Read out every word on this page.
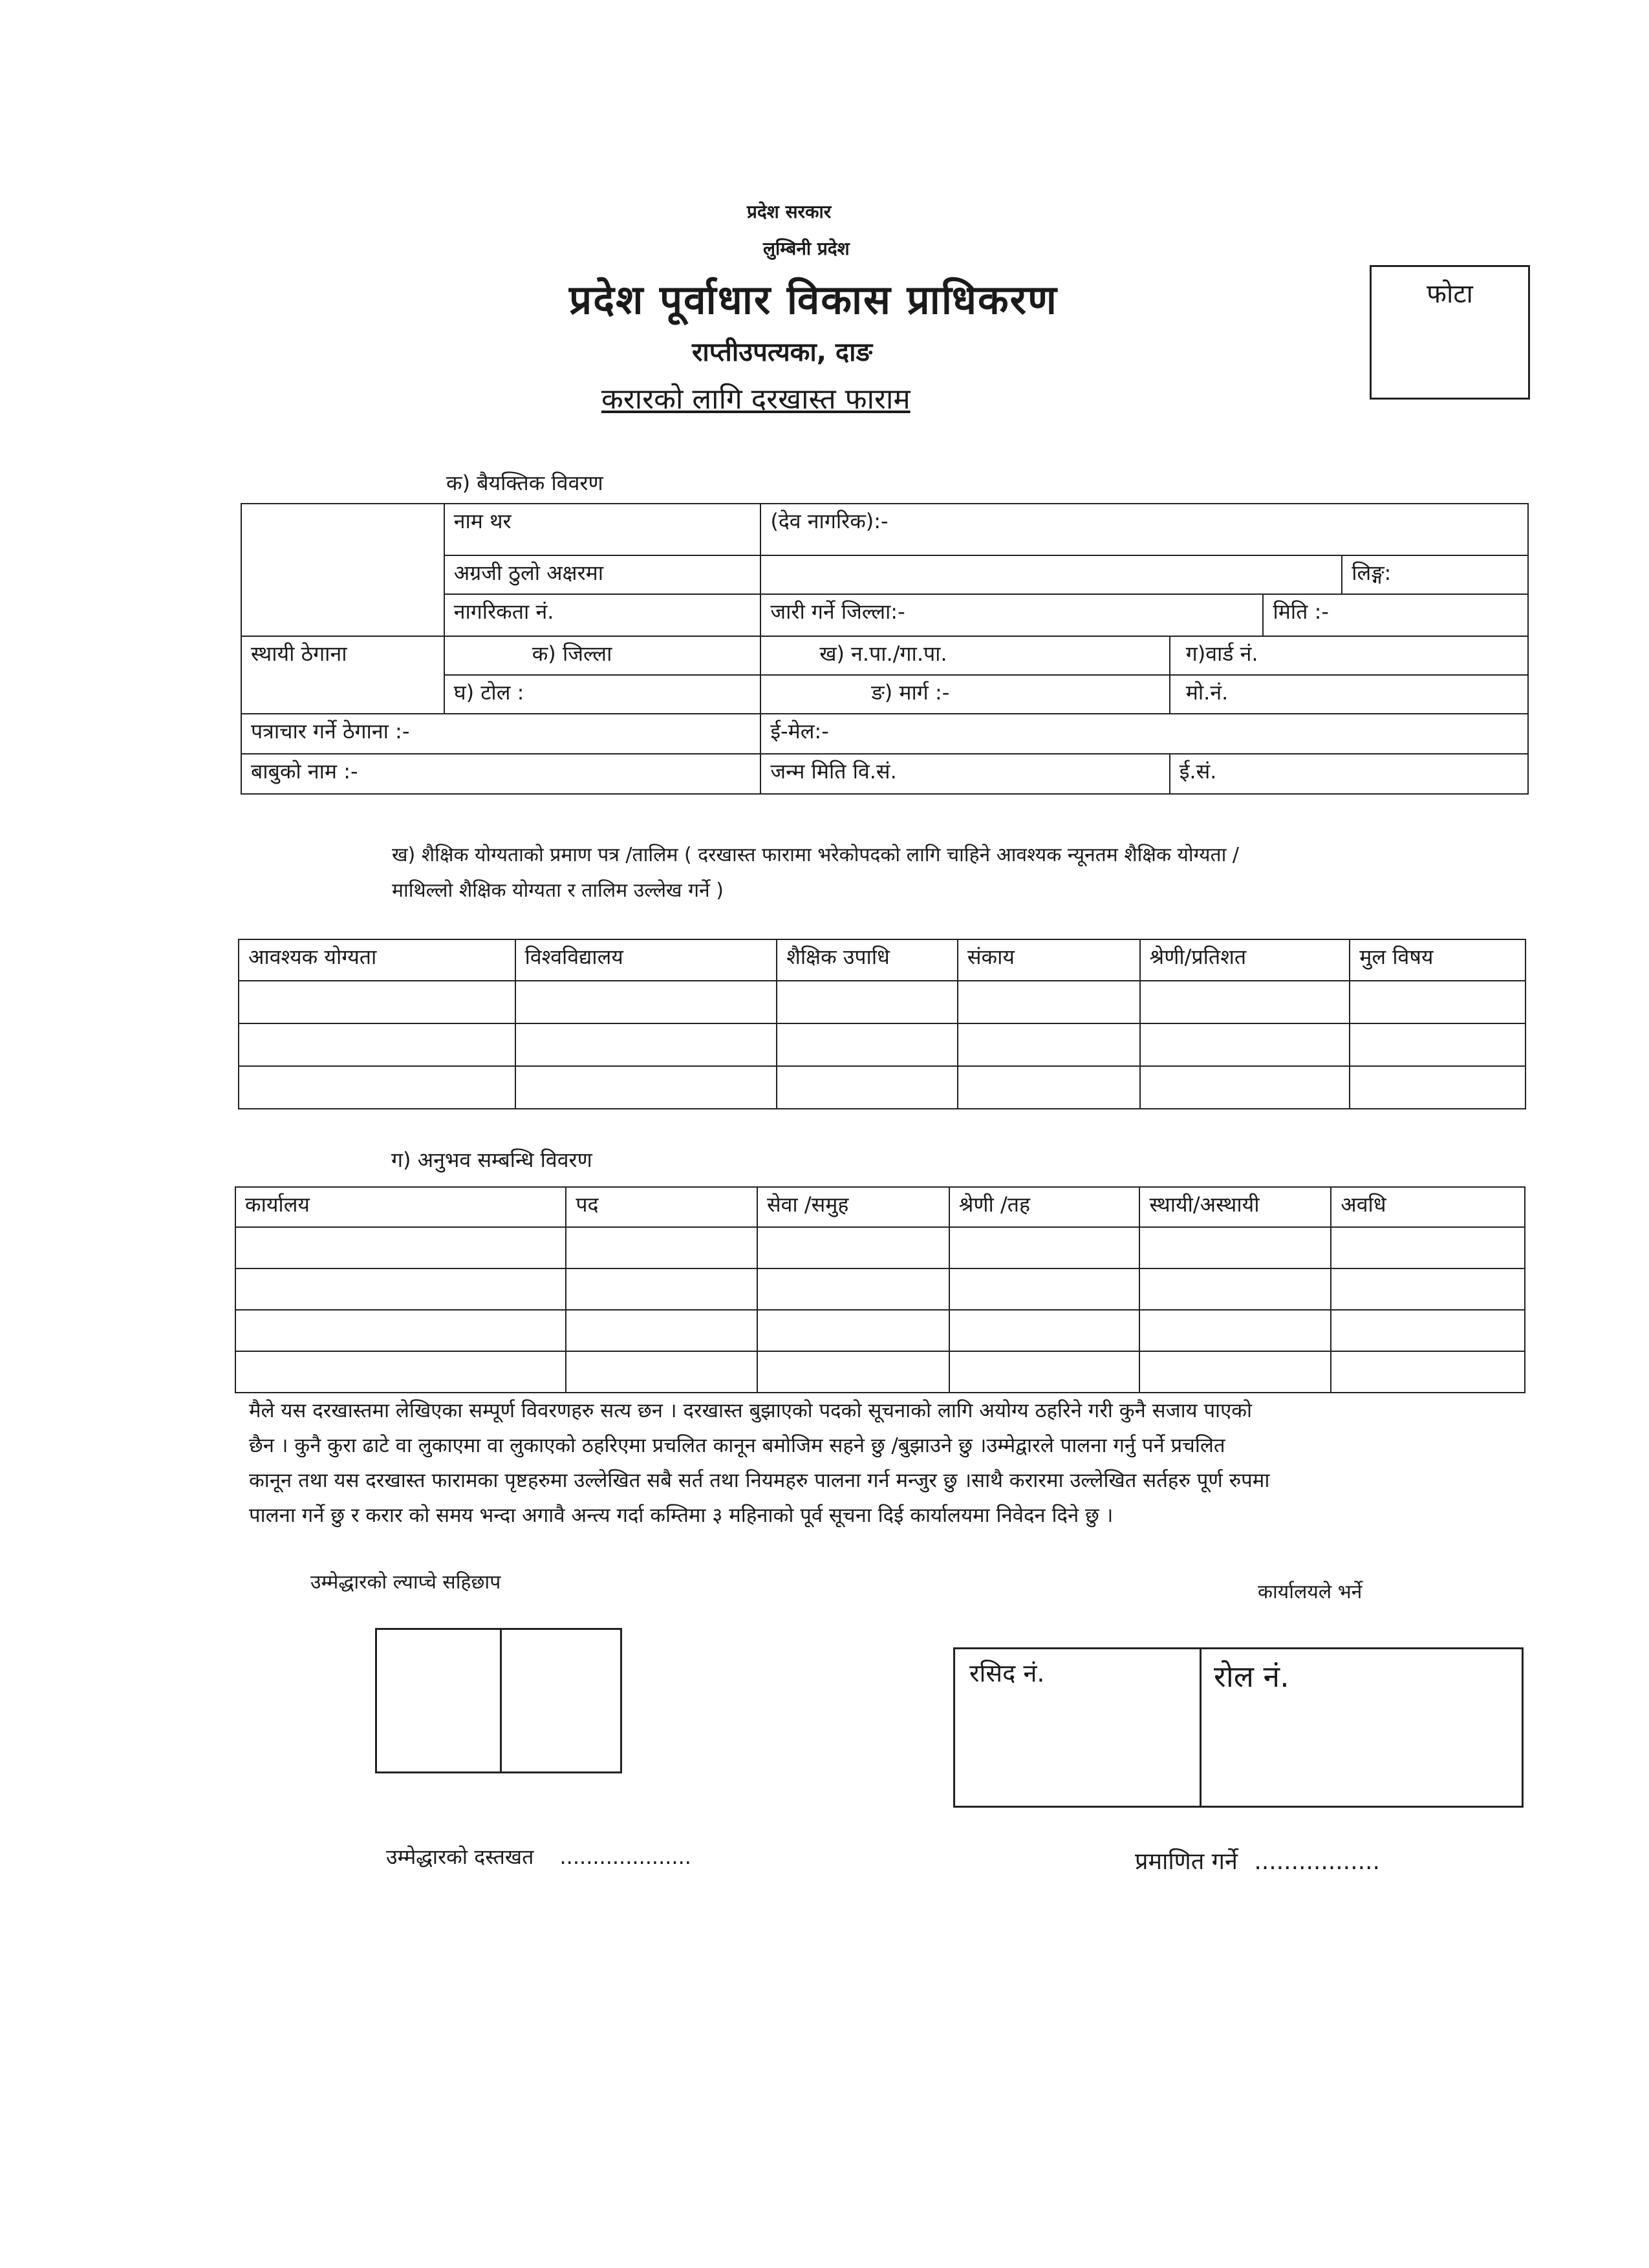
प्रदेश सरकार
लुम्बिनी प्रदेश
प्रदेश पूर्वाधार विकास प्राधिकरण
राप्तीउपत्यका, दाङ
करारको लागि दरखास्त फाराम
फोटा
क) बैयक्तिक विवरण
	नाम थर	(देव नागरिक):-			
	अग्रजी ठुलो अक्षरमा				लिङ्ग:
	नागरिकता नं.	जारी गर्ने जिल्ला:-		मिति :-	
स्थायी ठेगाना	क) जिल्ला	ख) न.पा./गा.पा.	ग)वार्ड नं.		
	घ) टोल :	ङ) मार्ग :-	मो.नं.		
पत्राचार गर्ने ठेगाना :-		ई-मेल:-			
बाबुको नाम :-		जन्म मिति वि.सं.	ई.सं.		
ख) शैक्षिक योग्यताको प्रमाण पत्र /तालिम ( दरखास्त फारामा भरेकोपदको लागि चाहिने आवश्यक न्यूनतम शैक्षिक योग्यता /
माथिल्लो शैक्षिक योग्यता र तालिम उल्लेख गर्ने )
आवश्यक योग्यता	विश्वविद्यालय	शैक्षिक उपाधि	संकाय	श्रेणी/प्रतिशत	मुल विषय

ग) अनुभव सम्बन्धि विवरण
कार्यालय	पद	सेवा /समुह	श्रेणी /तह	स्थायी/अस्थायी	अवधि

मैले यस दरखास्तमा लेखिएका सम्पूर्ण विवरणहरु सत्य छन । दरखास्त बुझाएको पदको सूचनाको लागि अयोग्य ठहरिने गरी कुनै सजाय पाएको
छैन । कुनै कुरा ढाटे वा लुकाएमा वा लुकाएको ठहरिएमा प्रचलित कानून बमोजिम सहने छु /बुझाउने छु ।उम्मेद्वारले पालना गर्नु पर्ने प्रचलित
कानून तथा यस दरखास्त फारामका पृष्टहरुमा उल्लेखित सबै सर्त तथा नियमहरु पालना गर्न मन्जुर छु ।साथै करारमा उल्लेखित सर्तहरु पूर्ण रुपमा
पालना गर्ने छु र करार को समय भन्दा अगावै अन्त्य गर्दा कम्तिमा ३ महिनाको पूर्व सूचना दिई कार्यालयमा निवेदन दिने छु ।
उम्मेद्धारको ल्याप्चे सहिछाप	कार्यालयले भर्ने
रसिद नं.	रोल नं.
उम्मेद्धारको दस्तखत ....................	प्रमाणित गर्ने .................
